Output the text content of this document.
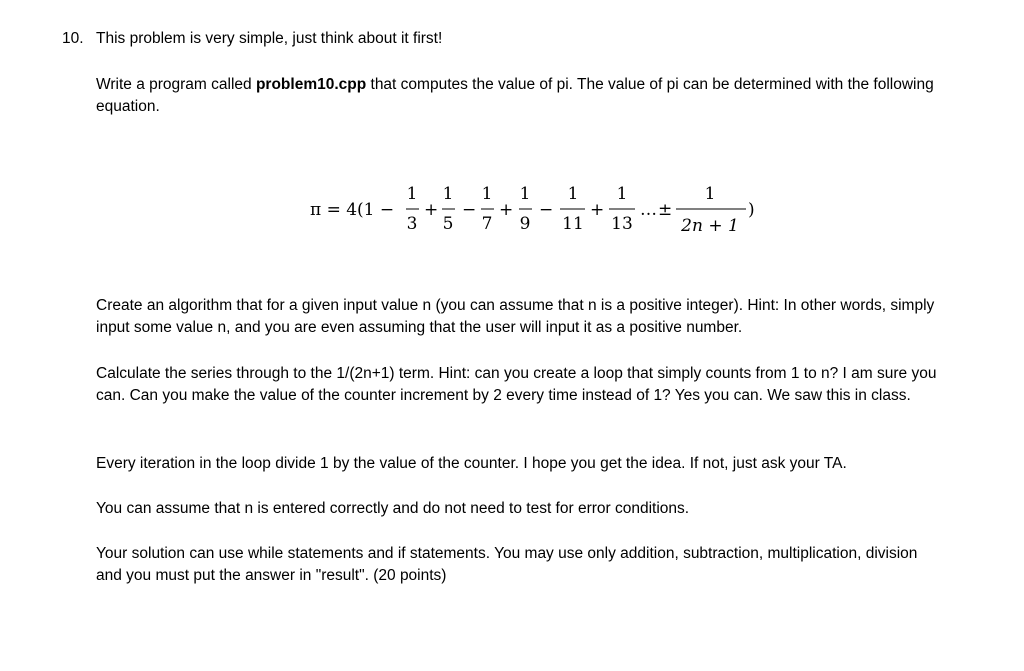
10. This problem is very simple, just think about it first!

Write a program called problem10.cpp that computes the value of pi. The value of pi can be determined with the following equation.

π = 4(1 −
1
3
+
1
5
−
1
7
+
1
9
−
1
11
+
1
13
… ±
1
2n + 1
)

Create an algorithm that for a given input value n (you can assume that n is a positive integer). Hint: In other words, simply input some value n, and you are even assuming that the user will input it as a positive number.

Calculate the series through to the 1/(2n+1) term. Hint: can you create a loop that simply counts from 1 to n? I am sure you can. Can you make the value of the counter increment by 2 every time instead of 1? Yes you can. We saw this in class.

Every iteration in the loop divide 1 by the value of the counter. I hope you get the idea. If not, just ask your TA.

You can assume that n is entered correctly and do not need to test for error conditions.

Your solution can use while statements and if statements. You may use only addition, subtraction, multiplication, division and you must put the answer in "result". (20 points)
